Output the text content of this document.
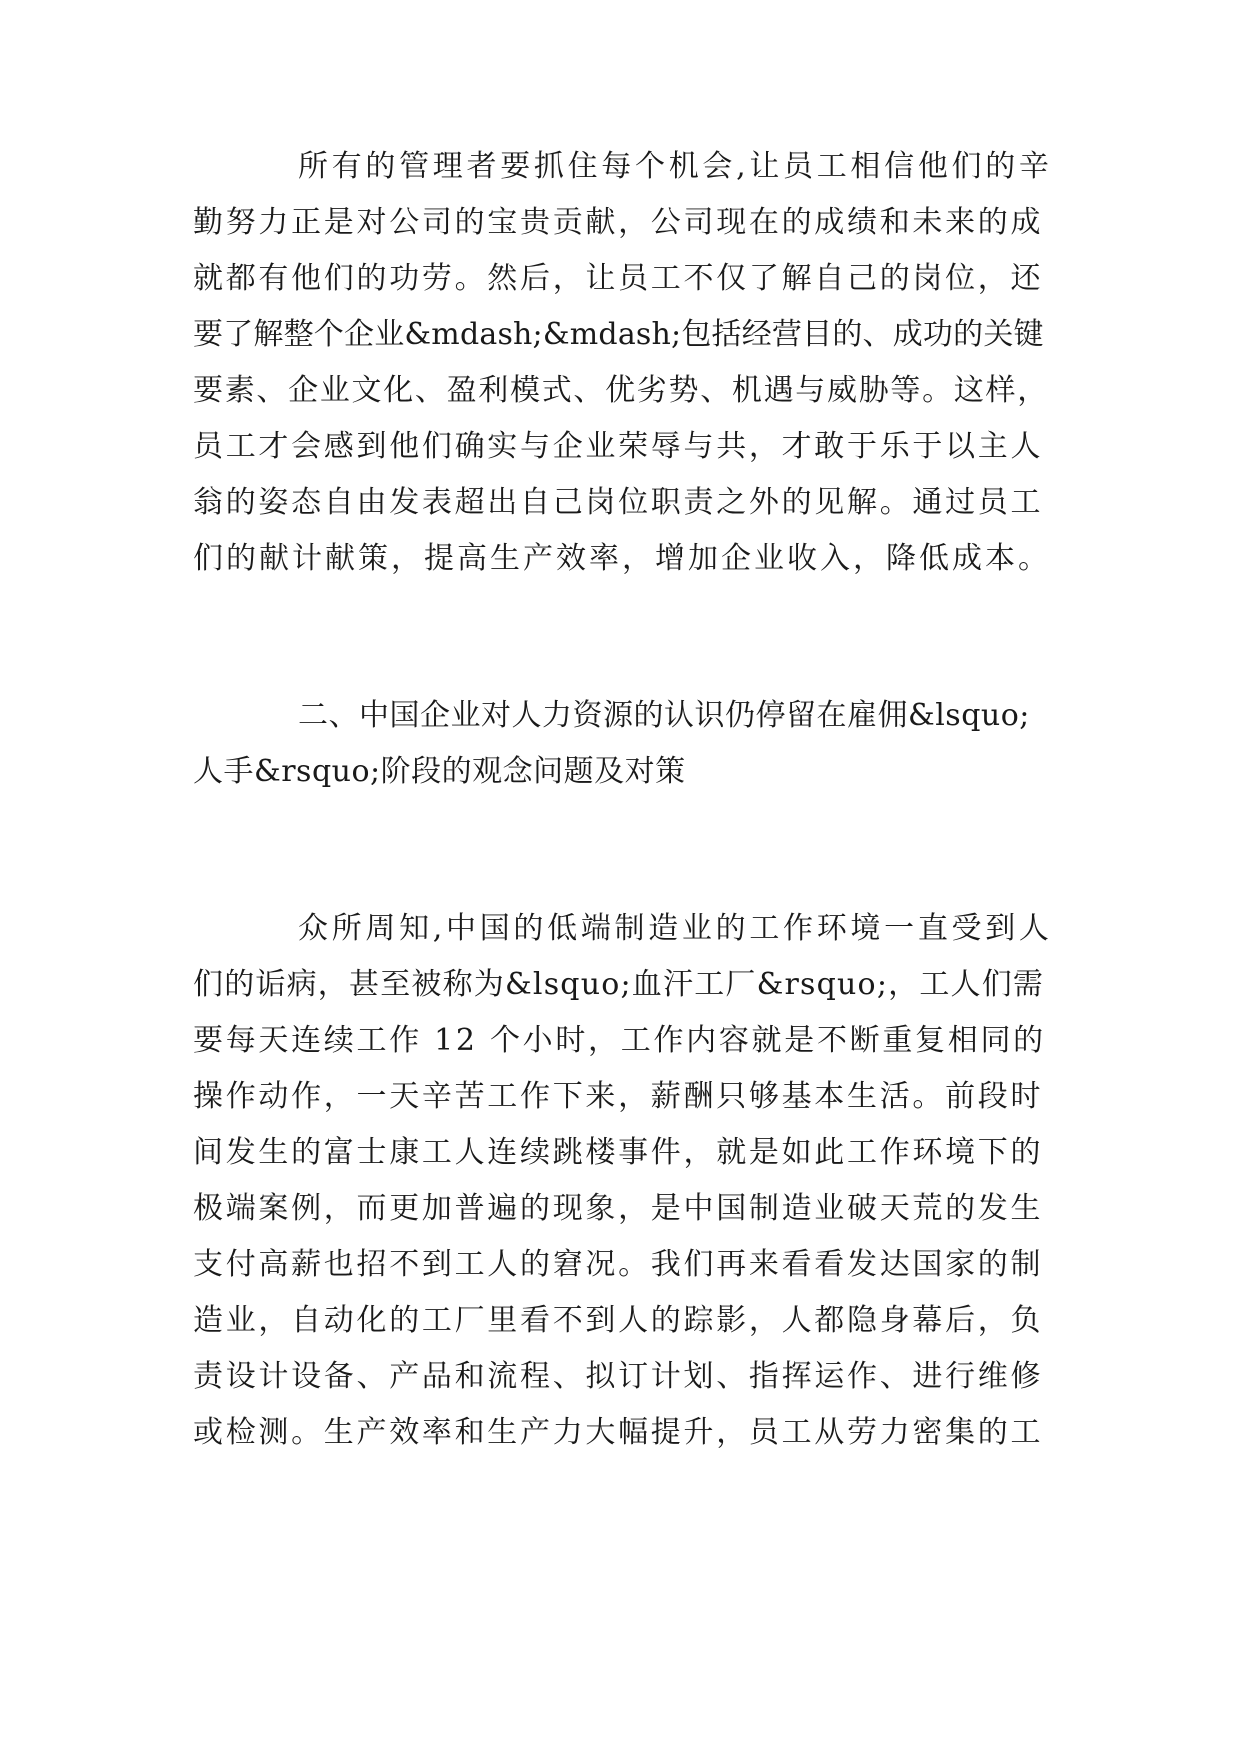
所有的管理者要抓住每个机会,让员工相信他们的辛
勤努力正是对公司的宝贵贡献，公司现在的成绩和未来的成
就都有他们的功劳。然后，让员工不仅了解自己的岗位，还
要了解整个企业&mdash;&mdash;包括经营目的、成功的关键
要素、企业文化、盈利模式、优劣势、机遇与威胁等。这样，
员工才会感到他们确实与企业荣辱与共，才敢于乐于以主人
翁的姿态自由发表超出自己岗位职责之外的见解。通过员工
们的献计献策，提高生产效率，增加企业收入，降低成本。
二、中国企业对人力资源的认识仍停留在雇佣&lsquo;
人手&rsquo;阶段的观念问题及对策
众所周知,中国的低端制造业的工作环境一直受到人
们的诟病，甚至被称为&lsquo;血汗工厂&rsquo;，工人们需
要每天连续工作 12 个小时，工作内容就是不断重复相同的
操作动作，一天辛苦工作下来，薪酬只够基本生活。前段时
间发生的富士康工人连续跳楼事件，就是如此工作环境下的
极端案例，而更加普遍的现象，是中国制造业破天荒的发生
支付高薪也招不到工人的窘况。我们再来看看发达国家的制
造业，自动化的工厂里看不到人的踪影，人都隐身幕后，负
责设计设备、产品和流程、拟订计划、指挥运作、进行维修
或检测。生产效率和生产力大幅提升，员工从劳力密集的工
